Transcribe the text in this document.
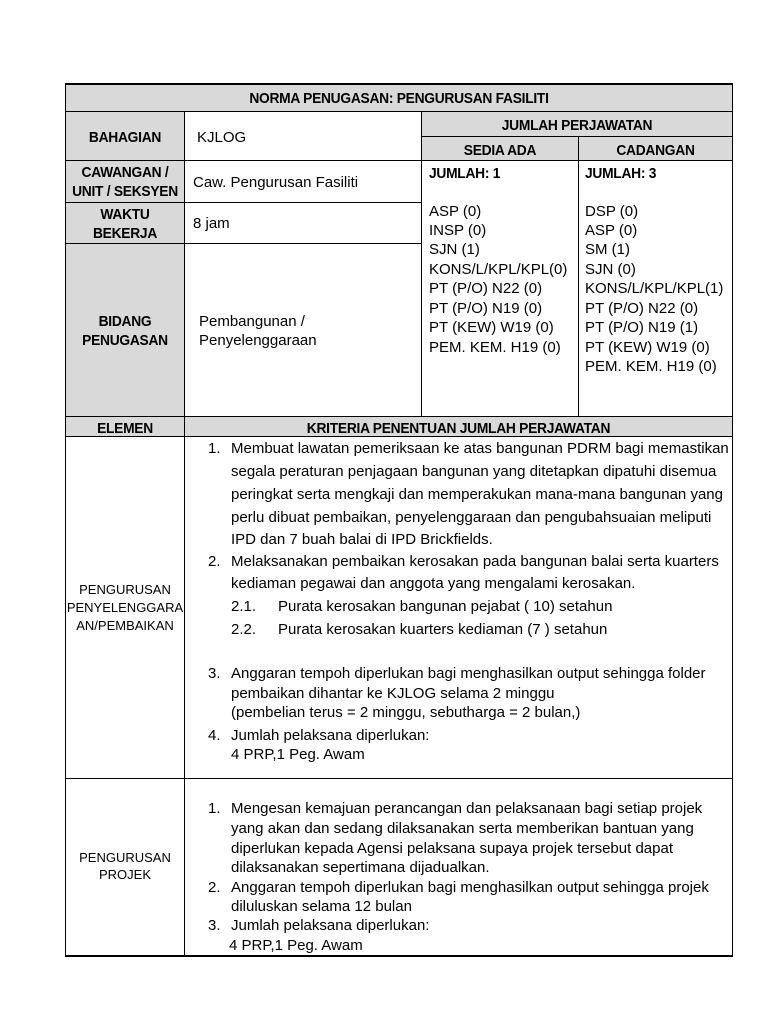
NORMA PENUGASAN: PENGURUSAN FASILITI
BAHAGIAN
CAWANGAN /
UNIT / SEKSYEN
WAKTU
BEKERJA
BIDANG
PENUGASAN
ELEMEN	KRITERIA PENENTUAN JUMLAH PERJAWATAN
KJLOG
Caw. Pengurusan Fasiliti
8 jam
Pembangunan /
Penyelenggaraan
JUMLAH PERJAWATAN
SEDIA ADA	CADANGAN
JUMLAH: 1
ASP (0)
INSP (0)
SJN (1)
KONS/L/KPL/KPL(0)
PT (P/O) N22 (0)
PT (P/O) N19 (0)
PT (KEW) W19 (0)
PEM. KEM. H19 (0)
JUMLAH: 3
DSP (0)
ASP (0)
SM (1)
SJN (0)
KONS/L/KPL/KPL(1)
PT (P/O) N22 (0)
PT (P/O) N19 (1)
PT (KEW) W19 (0)
PEM. KEM. H19 (0)
PENGURUSAN
PENYELENGGARA
AN/PEMBAIKAN
1. Membuat lawatan pemeriksaan ke atas bangunan PDRM bagi memastikan
segala peraturan penjagaan bangunan yang ditetapkan dipatuhi disemua
peringkat serta mengkaji dan memperakukan mana-mana bangunan yang
perlu dibuat pembaikan, penyelenggaraan dan pengubahsuaian meliputi
IPD dan 7 buah balai di IPD Brickfields.
2. Melaksanakan pembaikan kerosakan pada bangunan balai serta kuarters
kediaman pegawai dan anggota yang mengalami kerosakan.
2.1. Purata kerosakan bangunan pejabat ( 10) setahun
2.2. Purata kerosakan kuarters kediaman (7 ) setahun
3. Anggaran tempoh diperlukan bagi menghasilkan output sehingga folder
pembaikan dihantar ke KJLOG selama 2 minggu
(pembelian terus = 2 minggu, sebutharga = 2 bulan,)
4. Jumlah pelaksana diperlukan:
4 PRP,1 Peg. Awam
PENGURUSAN
PROJEK
1. Mengesan kemajuan perancangan dan pelaksanaan bagi setiap projek
yang akan dan sedang dilaksanakan serta memberikan bantuan yang
diperlukan kepada Agensi pelaksana supaya projek tersebut dapat
dilaksanakan sepertimana dijadualkan.
2. Anggaran tempoh diperlukan bagi menghasilkan output sehingga projek
diluluskan selama 12 bulan
3. Jumlah pelaksana diperlukan:
4 PRP,1 Peg. Awam
